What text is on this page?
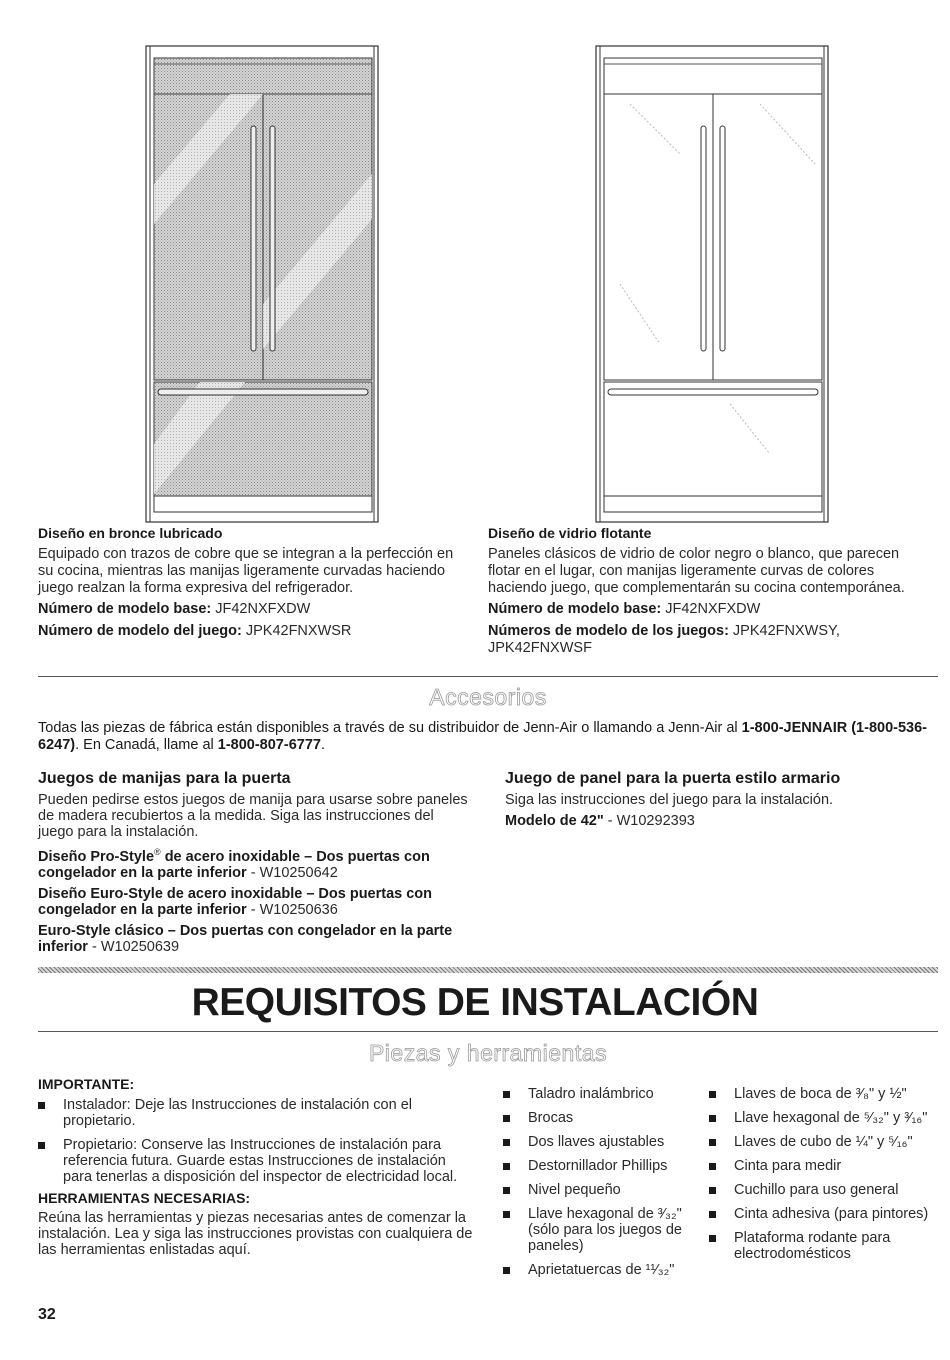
Diseño en bronce lubricado
Equipado con trazos de cobre que se integran a la perfección en su cocina, mientras las manijas ligeramente curvadas haciendo juego realzan la forma expresiva del refrigerador.
Número de modelo base: JF42NXFXDW
Número de modelo del juego: JPK42FNXWSR
Diseño de vidrio flotante
Paneles clásicos de vidrio de color negro o blanco, que parecen flotar en el lugar, con manijas ligeramente curvas de colores haciendo juego, que complementarán su cocina contemporánea.
Número de modelo base: JF42NXFXDW
Números de modelo de los juegos: JPK42FNXWSY,
JPK42FNXWSF
Accesorios
Todas las piezas de fábrica están disponibles a través de su distribuidor de Jenn-Air o llamando a Jenn-Air al 1-800-JENNAIR (1-800-536-6247). En Canadá, llame al 1-800-807-6777.
Juegos de manijas para la puerta
Pueden pedirse estos juegos de manija para usarse sobre paneles de madera recubiertos a la medida. Siga las instrucciones del juego para la instalación.
Diseño Pro-Style® de acero inoxidable – Dos puertas con congelador en la parte inferior - W10250642
Diseño Euro-Style de acero inoxidable – Dos puertas con congelador en la parte inferior - W10250636
Euro-Style clásico – Dos puertas con congelador en la parte inferior - W10250639
Juego de panel para la puerta estilo armario
Siga las instrucciones del juego para la instalación.
Modelo de 42" - W10292393
REQUISITOS DE INSTALACIÓN
Piezas y herramientas
IMPORTANTE:
Instalador: Deje las Instrucciones de instalación con el propietario.
Propietario: Conserve las Instrucciones de instalación para referencia futura. Guarde estas Instrucciones de instalación para tenerlas a disposición del inspector de electricidad local.
HERRAMIENTAS NECESARIAS:
Reúna las herramientas y piezas necesarias antes de comenzar la instalación. Lea y siga las instrucciones provistas con cualquiera de las herramientas enlistadas aquí.
Taladro inalámbrico
Brocas
Dos llaves ajustables
Destornillador Phillips
Nivel pequeño
Llave hexagonal de ³⁄₃₂" (sólo para los juegos de paneles)
Aprietatuercas de ¹¹⁄₃₂"
Llaves de boca de ³⁄₈" y ½"
Llave hexagonal de ⁵⁄₃₂" y ³⁄₁₆"
Llaves de cubo de ¼" y ⁵⁄₁₆"
Cinta para medir
Cuchillo para uso general
Cinta adhesiva (para pintores)
Plataforma rodante para electrodomésticos
32
